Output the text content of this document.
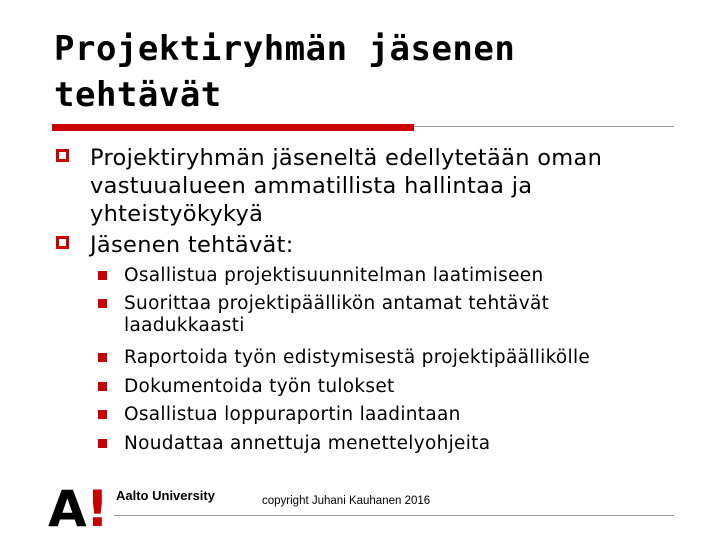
Projektiryhmän jäsenen
tehtävät
Projektiryhmän jäseneltä edellytetään oman
vastuualueen ammatillista hallintaa ja
yhteistyökykyä
Jäsenen tehtävät:
Osallistua projektisuunnitelman laatimiseen
Suorittaa projektipäällikön antamat tehtävät
laadukkaasti
Raportoida työn edistymisestä projektipäällikölle
Dokumentoida työn tulokset
Osallistua loppuraportin laadintaan
Noudattaa annettuja menettelyohjeita
A ! Aalto University	copyright Juhani Kauhanen 2016
